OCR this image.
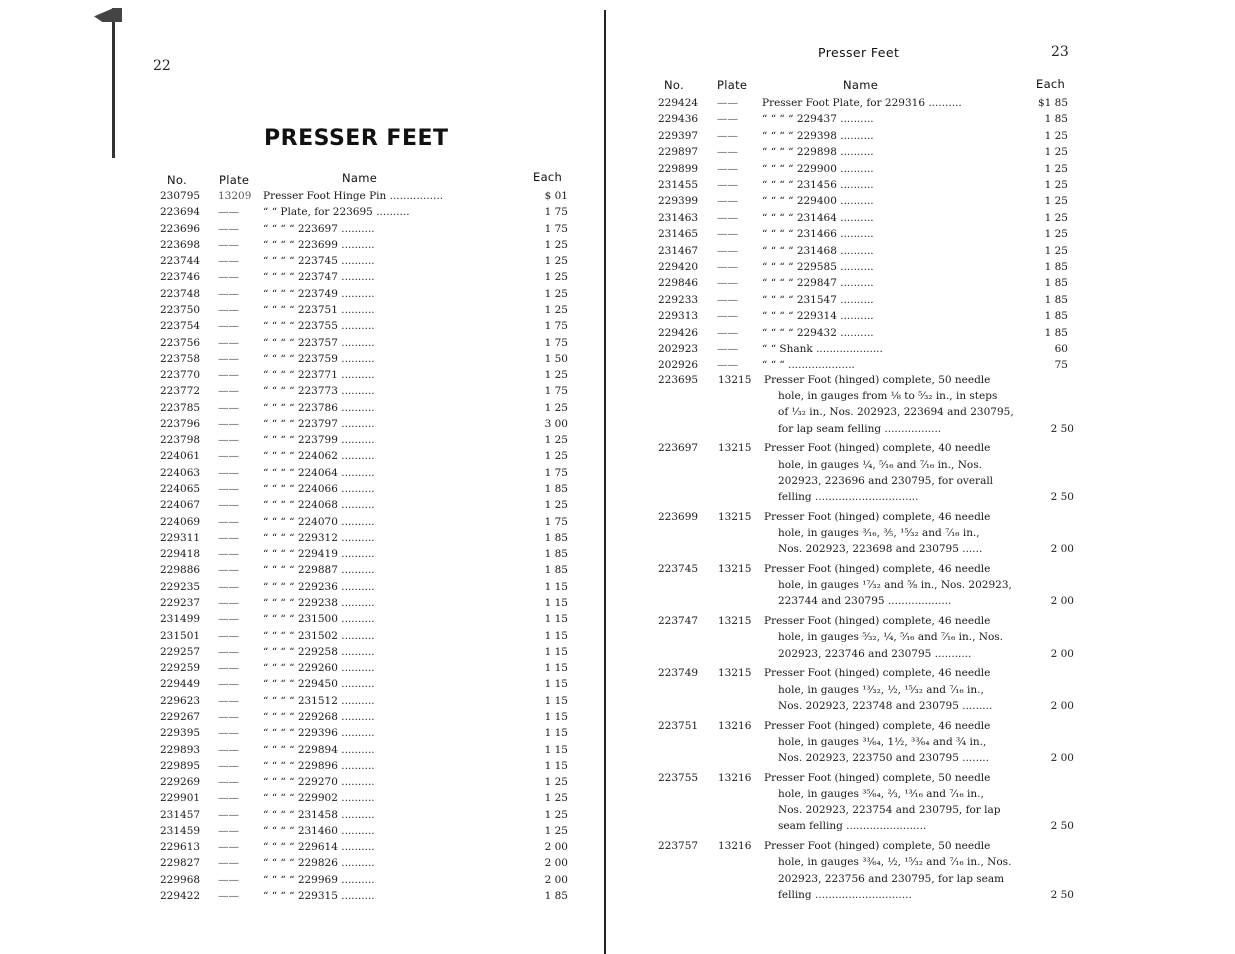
22
PRESSER FEET
No.	Plate	Name	Each
230795 13209 Presser Foot Hinge Pin ................	$ 01
223694 —— “ “ Plate, for 223695 ..........	1 75
223696 —— “ “ “ “ 223697 ..........	1 75
223698 —— “ “ “ “ 223699 ..........	1 25
223744 —— “ “ “ “ 223745 ..........	1 25
223746 —— “ “ “ “ 223747 ..........	1 25
223748 —— “ “ “ “ 223749 ..........	1 25
223750 —— “ “ “ “ 223751 ..........	1 25
223754 —— “ “ “ “ 223755 ..........	1 75
223756 —— “ “ “ “ 223757 ..........	1 75
223758 —— “ “ “ “ 223759 ..........	1 50
223770 —— “ “ “ “ 223771 ..........	1 25
223772 —— “ “ “ “ 223773 ..........	1 75
223785 —— “ “ “ “ 223786 ..........	1 25
223796 —— “ “ “ “ 223797 ..........	3 00
223798 —— “ “ “ “ 223799 ..........	1 25
224061 —— “ “ “ “ 224062 ..........	1 25
224063 —— “ “ “ “ 224064 ..........	1 75
224065 —— “ “ “ “ 224066 ..........	1 85
224067 —— “ “ “ “ 224068 ..........	1 25
224069 —— “ “ “ “ 224070 ..........	1 75
229311 —— “ “ “ “ 229312 ..........	1 85
229418 —— “ “ “ “ 229419 ..........	1 85
229886 —— “ “ “ “ 229887 ..........	1 85
229235 —— “ “ “ “ 229236 ..........	1 15
229237 —— “ “ “ “ 229238 ..........	1 15
231499 —— “ “ “ “ 231500 ..........	1 15
231501 —— “ “ “ “ 231502 ..........	1 15
229257 —— “ “ “ “ 229258 ..........	1 15
229259 —— “ “ “ “ 229260 ..........	1 15
229449 —— “ “ “ “ 229450 ..........	1 15
229623 —— “ “ “ “ 231512 ..........	1 15
229267 —— “ “ “ “ 229268 ..........	1 15
229395 —— “ “ “ “ 229396 ..........	1 15
229893 —— “ “ “ “ 229894 ..........	1 15
229895 —— “ “ “ “ 229896 ..........	1 15
229269 —— “ “ “ “ 229270 ..........	1 25
229901 —— “ “ “ “ 229902 ..........	1 25
231457 —— “ “ “ “ 231458 ..........	1 25
231459 —— “ “ “ “ 231460 ..........	1 25
229613 —— “ “ “ “ 229614 ..........	2 00
229827 —— “ “ “ “ 229826 ..........	2 00
229968 —— “ “ “ “ 229969 ..........	2 00
229422 —— “ “ “ “ 229315 ..........	1 85
Presser Feet	23
No.	Plate	Name	Each
229424 —— Presser Foot Plate, for 229316 ..........	$1 85
229436 —— “ “ “ “ 229437 ..........	1 85
229397 —— “ “ “ “ 229398 ..........	1 25
229897 —— “ “ “ “ 229898 ..........	1 25
229899 —— “ “ “ “ 229900 ..........	1 25
231455 —— “ “ “ “ 231456 ..........	1 25
229399 —— “ “ “ “ 229400 ..........	1 25
231463 —— “ “ “ “ 231464 ..........	1 25
231465 —— “ “ “ “ 231466 ..........	1 25
231467 —— “ “ “ “ 231468 ..........	1 25
229420 —— “ “ “ “ 229585 ..........	1 85
229846 —— “ “ “ “ 229847 ..........	1 85
229233 —— “ “ “ “ 231547 ..........	1 85
229313 —— “ “ “ “ 229314 ..........	1 85
229426 —— “ “ “ “ 229432 ..........	1 85
202923 —— “ “ Shank ....................	60
202926 —— “ “ “ ....................	75
223695 13215 Presser Foot (hinged) complete, 50 needle
hole, in gauges from ⅛ to ⁵⁄₃₂ in., in steps
of ¹⁄₃₂ in., Nos. 202923, 223694 and 230795,
for lap seam felling .................	2 50
223697 13215 Presser Foot (hinged) complete, 40 needle
hole, in gauges ¼, ⁵⁄₁₆ and ⁷⁄₁₆ in., Nos.
202923, 223696 and 230795, for overall
felling ...............................	2 50
223699 13215 Presser Foot (hinged) complete, 46 needle
hole, in gauges ³⁄₁₆, ⅗, ¹⁵⁄₃₂ and ⁷⁄₁₆ in.,
Nos. 202923, 223698 and 230795 ......	2 00
223745 13215 Presser Foot (hinged) complete, 46 needle
hole, in gauges ¹⁷⁄₃₂ and ⁵⁄₈ in., Nos. 202923,
223744 and 230795 ...................	2 00
223747 13215 Presser Foot (hinged) complete, 46 needle
hole, in gauges ⁵⁄₃₂, ¼, ⁵⁄₁₆ and ⁷⁄₁₆ in., Nos.
202923, 223746 and 230795 ...........	2 00
223749 13215 Presser Foot (hinged) complete, 46 needle
hole, in gauges ¹³⁄₃₂, ½, ¹⁵⁄₃₂ and ⁷⁄₁₆ in.,
Nos. 202923, 223748 and 230795 .........	2 00
223751 13216 Presser Foot (hinged) complete, 46 needle
hole, in gauges ³¹⁄₆₄, 1½, ³³⁄₆₄ and ¾ in.,
Nos. 202923, 223750 and 230795 ........	2 00
223755 13216 Presser Foot (hinged) complete, 50 needle
hole, in gauges ³⁵⁄₆₄, ⅔, ¹³⁄₁₆ and ⁷⁄₁₆ in.,
Nos. 202923, 223754 and 230795, for lap
seam felling ........................	2 50
223757 13216 Presser Foot (hinged) complete, 50 needle
hole, in gauges ³³⁄₆₄, ½, ¹⁵⁄₃₂ and ⁷⁄₁₆ in., Nos.
202923, 223756 and 230795, for lap seam
felling .............................	2 50
